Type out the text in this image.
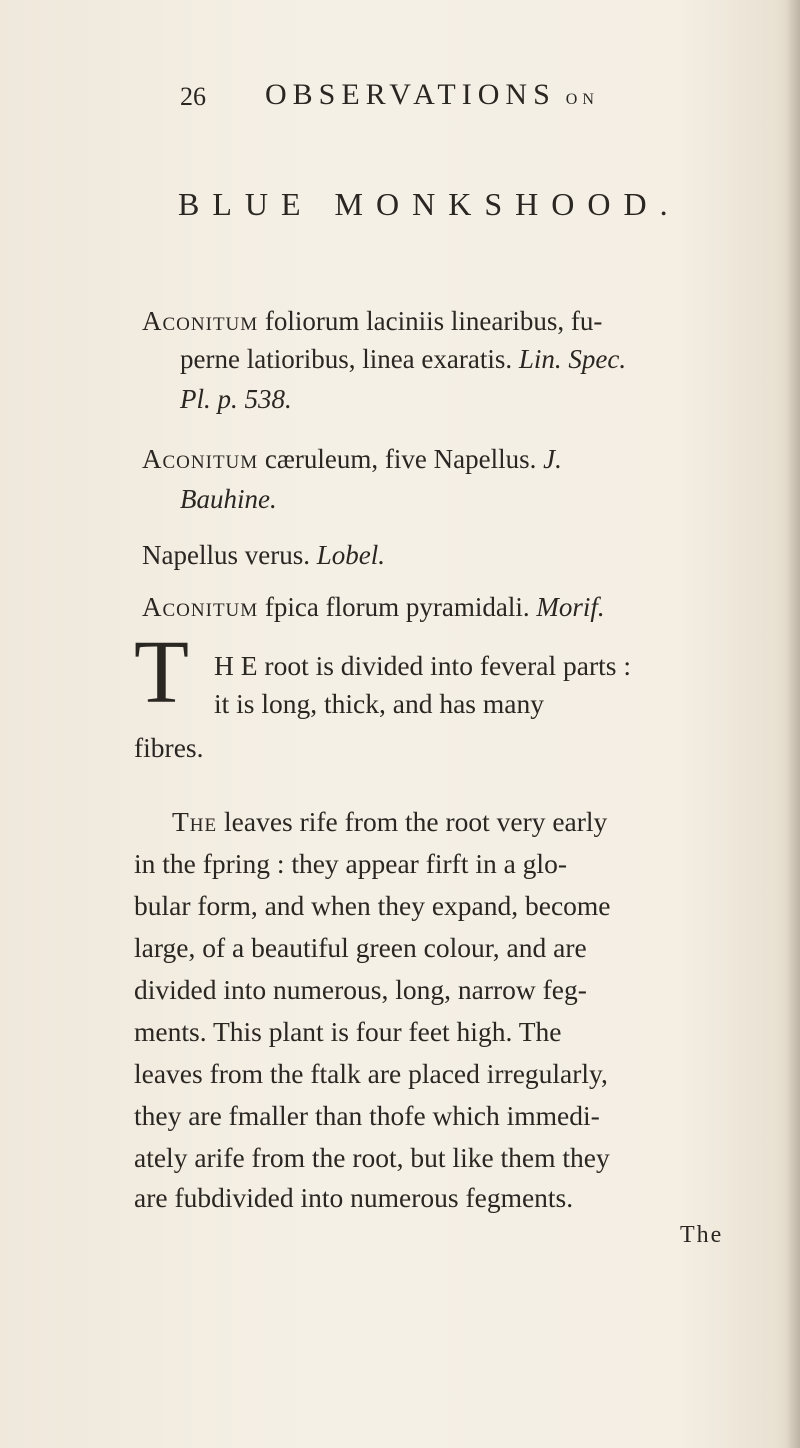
26 OBSERVATIONS ON
BLUE MONKSHOOD.
Aconitum foliorum laciniis linearibus, fu-
perne latioribus, linea exaratis. Lin. Spec.
Pl. p. 538.
Aconitum cæruleum, five Napellus. J.
Bauhine.
Napellus verus. Lobel.
Aconitum fpica florum pyramidali. Morif.
T H E root is divided into feveral parts :
it is long, thick, and has many
fibres.
The leaves rife from the root very early
in the fpring : they appear firft in a glo-
bular form, and when they expand, become
large, of a beautiful green colour, and are
divided into numerous, long, narrow feg-
ments. This plant is four feet high. The
leaves from the ftalk are placed irregularly,
they are fmaller than thofe which immedi-
ately arife from the root, but like them they
are fubdivided into numerous fegments.
The
